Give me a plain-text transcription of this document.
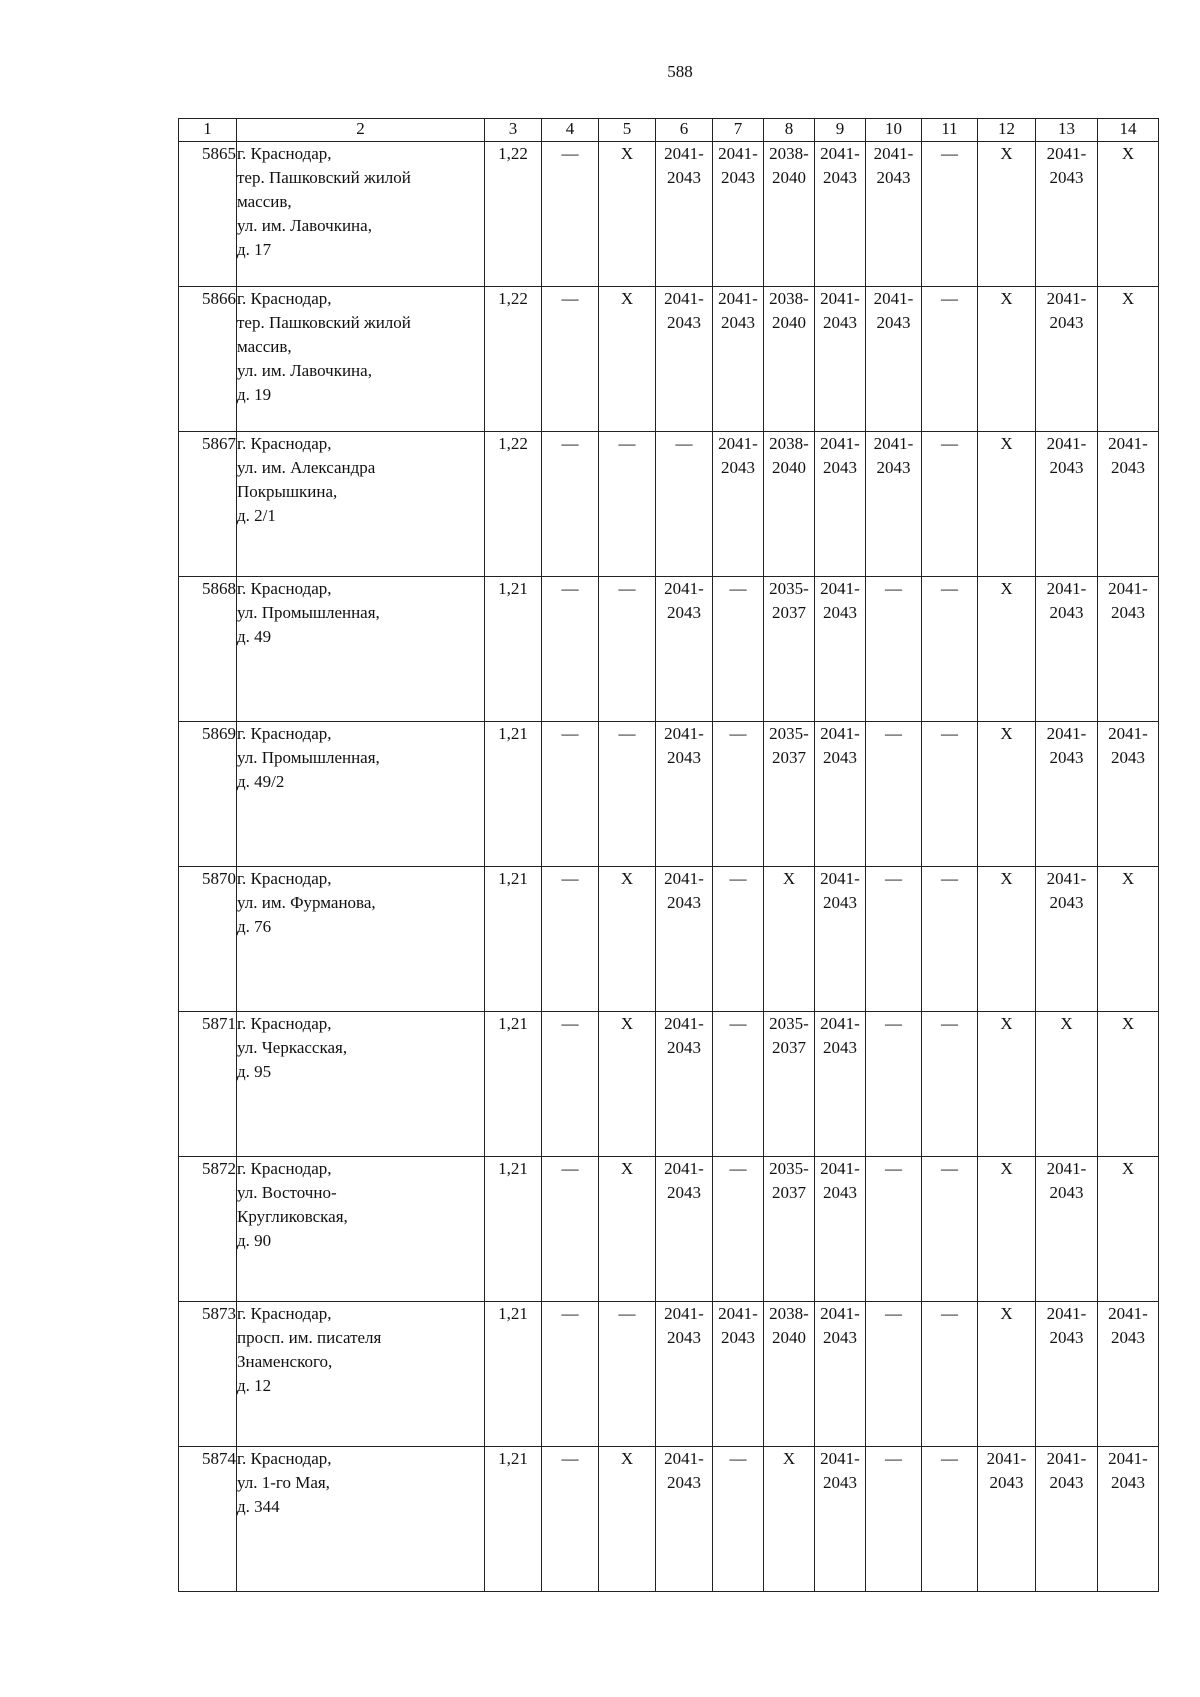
588
1	2	3	4	5	6	7	8	9	10	11	12	13	14
5865	г. Краснодар,
тер. Пашковский жилой
массив,
ул. им. Лавочкина,
д. 17	1,22	—	X	2041-
2043	2041-
2043	2038-
2040	2041-
2043	2041-
2043	—	X	2041-
2043	X

5866	г. Краснодар,
тер. Пашковский жилой
массив,
ул. им. Лавочкина,
д. 19	1,22	—	X	2041-
2043	2041-
2043	2038-
2040	2041-
2043	2041-
2043	—	X	2041-
2043	X

5867	г. Краснодар,
ул. им. Александра
Покрышкина,
д. 2/1	1,22	—	—	—	2041-
2043	2038-
2040	2041-
2043	2041-
2043	—	X	2041-
2043	2041-
2043

5868	г. Краснодар,
ул. Промышленная,
д. 49	1,21	—	—	2041-
2043	—	2035-
2037	2041-
2043	—	—	X	2041-
2043	2041-
2043

5869	г. Краснодар,
ул. Промышленная,
д. 49/2	1,21	—	—	2041-
2043	—	2035-
2037	2041-
2043	—	—	X	2041-
2043	2041-
2043

5870	г. Краснодар,
ул. им. Фурманова,
д. 76	1,21	—	X	2041-
2043	—	X	2041-
2043	—	—	X	2041-
2043	X

5871	г. Краснодар,
ул. Черкасская,
д. 95	1,21	—	X	2041-
2043	—	2035-
2037	2041-
2043	—	—	X	X	X

5872	г. Краснодар,
ул. Восточно-
Кругликовская,
д. 90	1,21	—	X	2041-
2043	—	2035-
2037	2041-
2043	—	—	X	2041-
2043	X

5873	г. Краснодар,
просп. им. писателя
Знаменского,
д. 12	1,21	—	—	2041-
2043	2041-
2043	2038-
2040	2041-
2043	—	—	X	2041-
2043	2041-
2043

5874	г. Краснодар,
ул. 1-го Мая,
д. 344	1,21	—	X	2041-
2043	—	X	2041-
2043	—	—	2041-
2043	2041-
2043	2041-
2043
